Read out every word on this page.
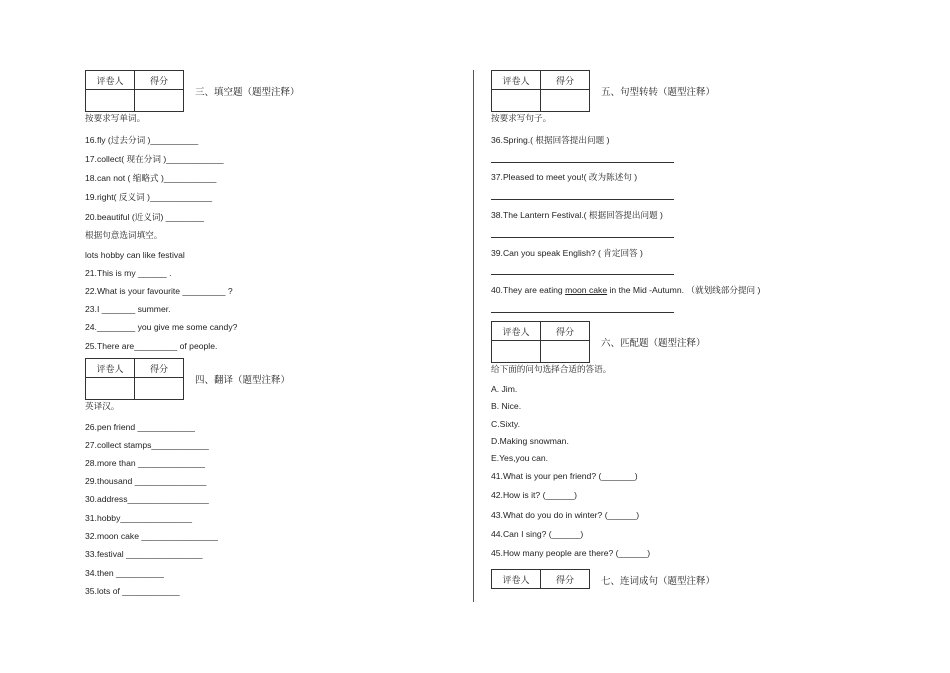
评卷人	得分

三、填空题（题型注释）
按要求写单词。
16.fly (过去分词 )__________
17.collect( 现在分词 )____________
18.can not ( 缩略式 )___________
19.right( 反义词 )_____________
20.beautiful (近义词) ________
根据句意选词填空。
lots hobby can like festival
21.This is my ______ .
22.What is your favourite _________ ?
23.I _______ summer.
24.________ you give me some candy?
25.There are_________ of people.
评卷人	得分

四、翻译（题型注释）
英译汉。
26.pen friend ____________
27.collect stamps____________
28.more than ______________
29.thousand _______________
30.address_________________
31.hobby_______________
32.moon cake ________________
33.festival ________________
34.then __________
35.lots of ____________
评卷人	得分

五、句型转转（题型注释）
按要求写句子。
36.Spring.( 根据回答提出问题 )
37.Pleased to meet you!( 改为陈述句 )
38.The Lantern Festival.( 根据回答提出问题 )
39.Can you speak English? ( 肯定回答 )
40.They are eating moon cake in the Mid -Autumn. （就划线部分提问 )
评卷人	得分

六、匹配题（题型注释）
给下面的问句选择合适的答语。
A. Jim.
B. Nice.
C.Sixty.
D.Making snowman.
E.Yes,you can.
41.What is your pen friend? (_______)
42.How is it? (______)
43.What do you do in winter? (______)
44.Can I sing? (______)
45.How many people are there? (______)
评卷人	得分	七、连词成句（题型注释）
